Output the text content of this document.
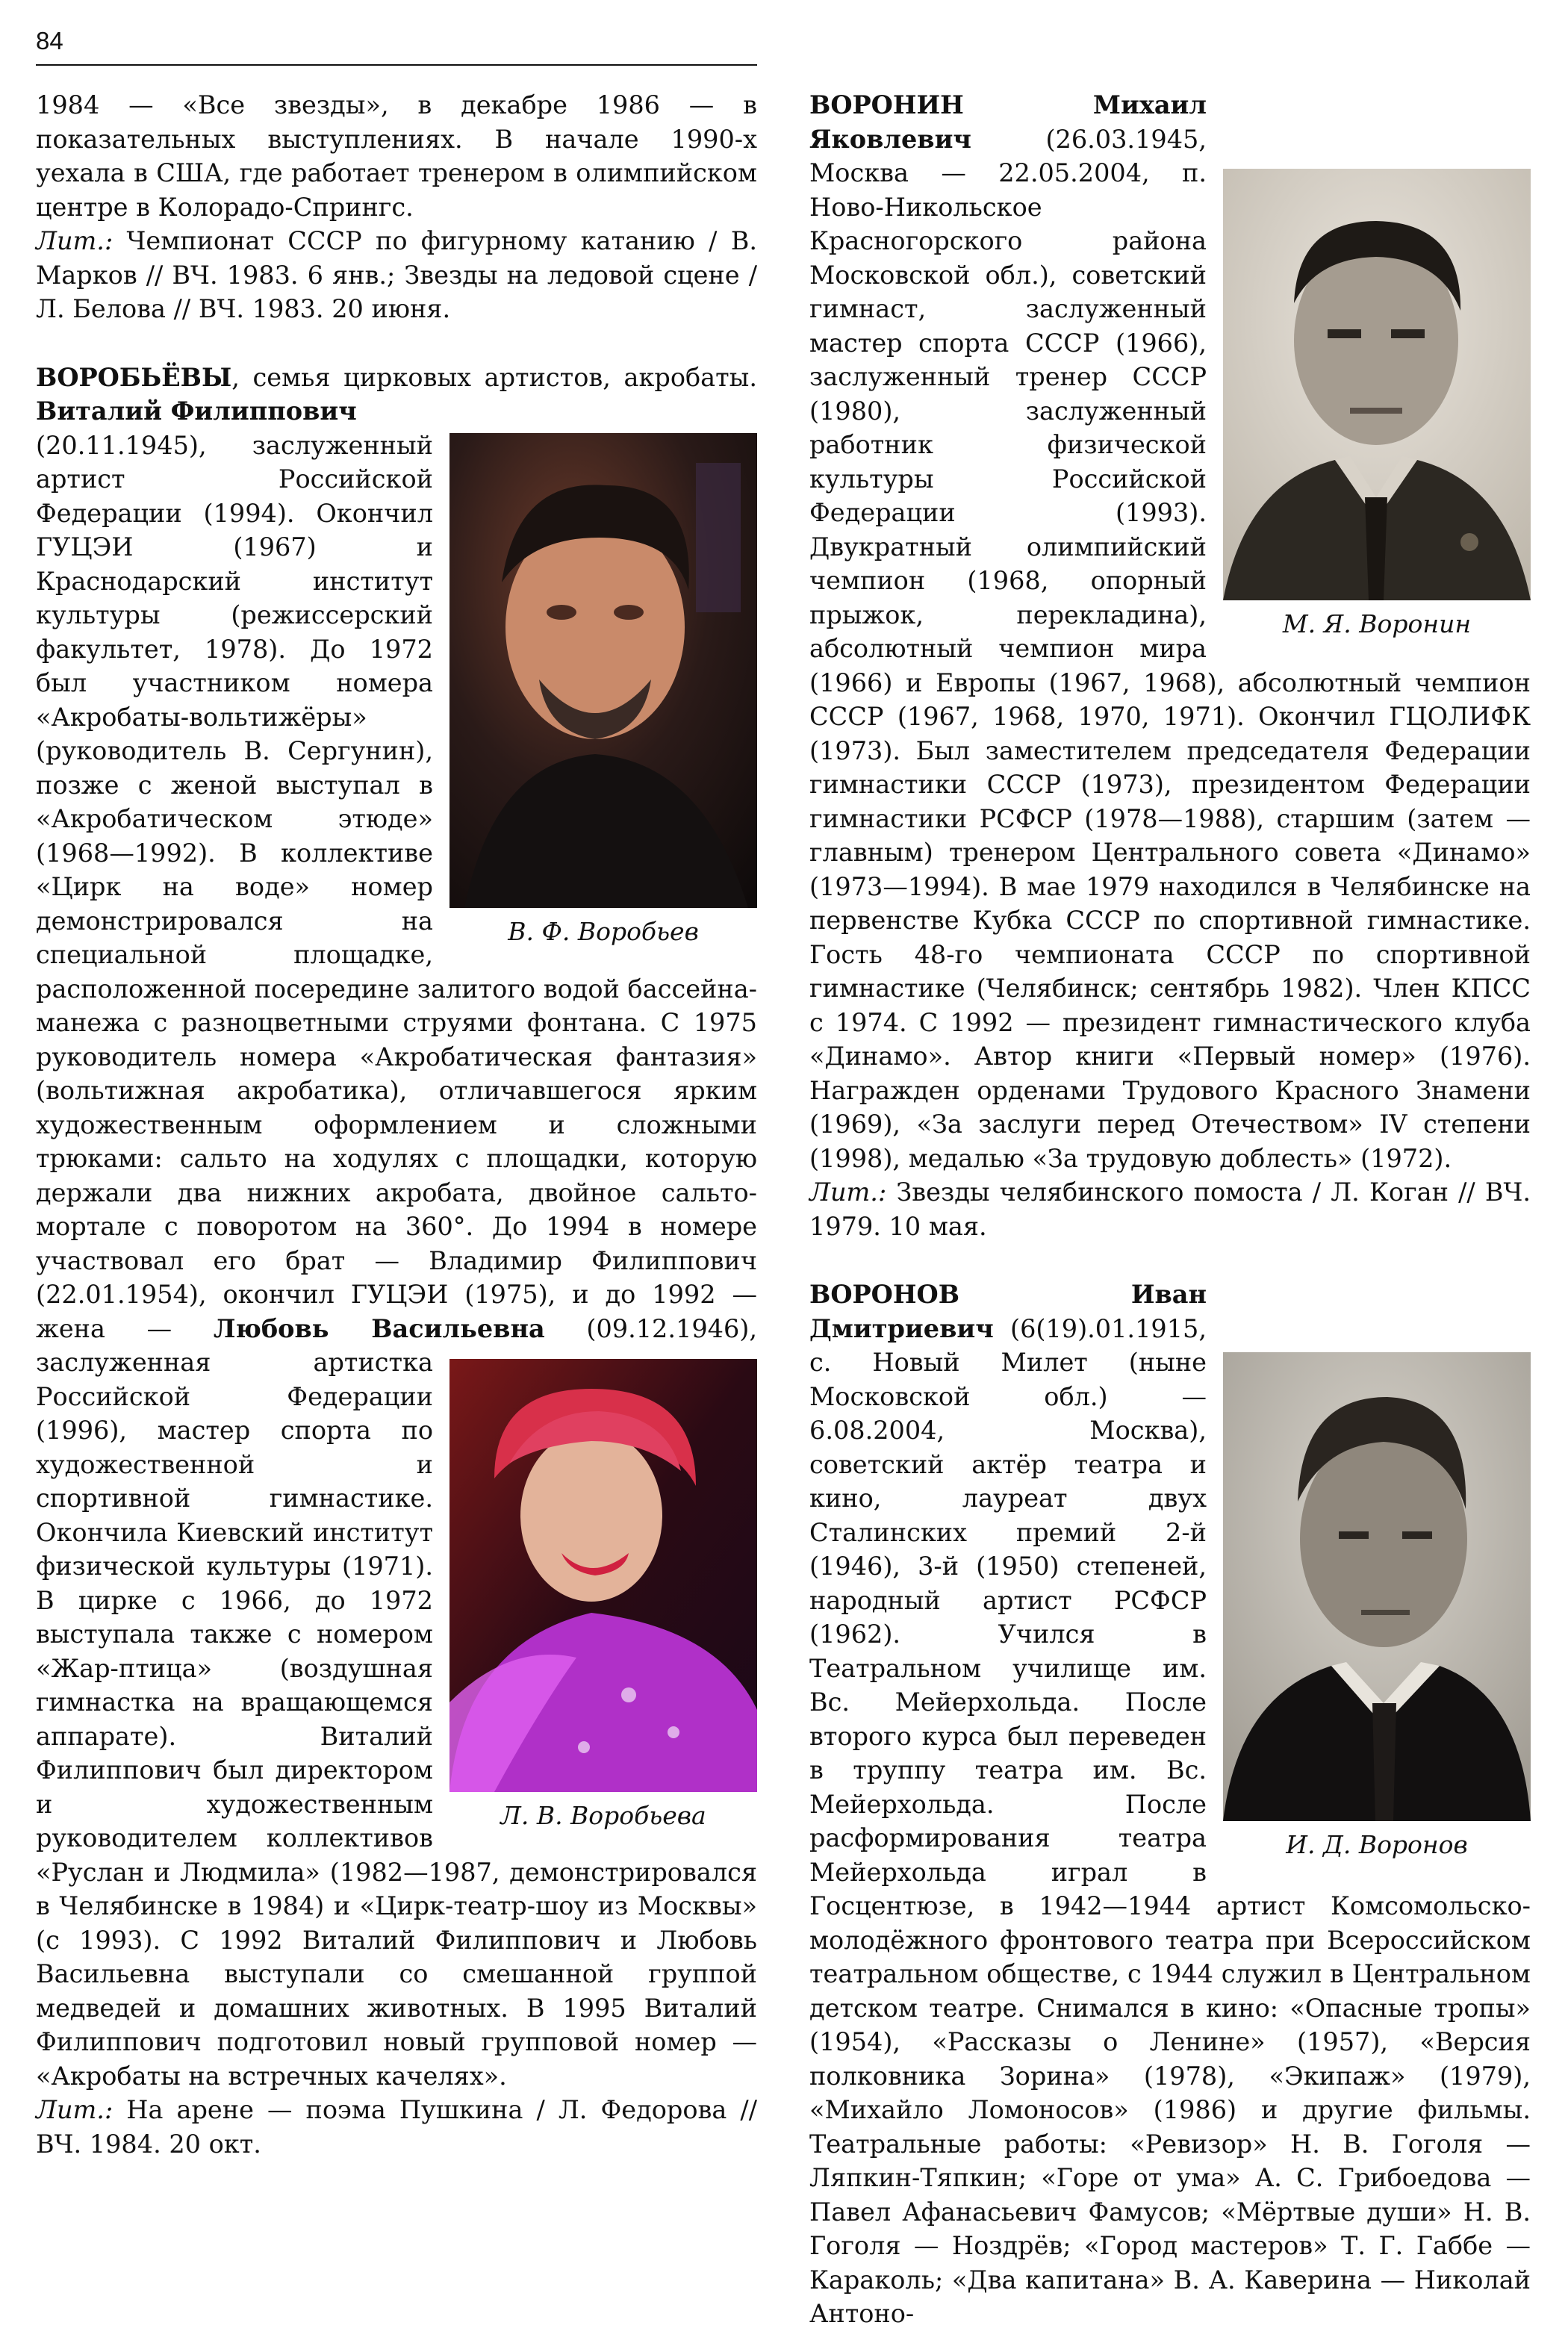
84

1984 — «Все звезды», в декабре 1986 — в показательных выступлениях. В начале 1990-х уехала в США, где работает тренером в олимпийском центре в Колорадо-Спрингс.

Лит.: Чемпионат СССР по фигурному катанию / В. Марков // ВЧ. 1983. 6 янв.; Звезды на ледовой сцене / Л. Белова // ВЧ. 1983. 20 июня.

ВОРОБЬЁВЫ, семья цирковых артистов, акробаты. Виталий Филиппович

В. Ф. Воробьев

(20.11.1945), заслуженный артист Российской Федерации (1994). Окончил ГУЦЭИ (1967) и Краснодарский институт культуры (режиссерский факультет, 1978). До 1972 был участником номера «Акробаты-вольтижёры» (руководитель В. Сергунин), позже с женой выступал в «Акробатическом этюде» (1968—1992). В коллективе «Цирк на воде» номер демонстрировался на специальной площадке, расположенной посередине залитого водой бассейна-манежа с разноцветными струями фонтана. С 1975 руководитель номера «Акробатическая фантазия» (вольтижная акробатика), отличавшегося ярким художественным оформлением и сложными трюками: сальто на ходулях с площадки, которую держали два нижних акробата, двойное сальто-мортале с поворотом на 360°. До 1994 в номере участвовал его брат — Владимир Филиппович (22.01.1954), окончил ГУЦЭИ (1975), и до 1992 — жена — Любовь Васильевна
Л. В. Воробьева
(09.12.1946), заслуженная артистка Российской Федерации (1996), мастер спорта по художественной и спортивной гимнастике. Окончила Киевский институт физической культуры (1971). В цирке с 1966, до 1972 выступала также с номером «Жар-птица» (воздушная гимнастка на вращающемся аппарате). Виталий Филиппович был директором и художественным руководителем коллективов «Руслан и Людмила» (1982—1987, демонстрировался в Челябинске в 1984) и «Цирк-театр-шоу из Москвы» (с 1993). С 1992 Виталий Филиппович и Любовь Васильевна выступали со смешанной группой медведей и домашних животных. В 1995 Виталий Филиппович подготовил новый групповой номер — «Акробаты на встречных качелях».

Лит.: На арене — поэма Пушкина / Л. Федорова // ВЧ. 1984. 20 окт.

М. Я. Воронин

ВОРОНИН Михаил Яковлевич (26.03.1945, Москва — 22.05.2004, п. Ново-Никольское Красногорского района Московской обл.), советский гимнаст, заслуженный мастер спорта СССР (1966), заслуженный тренер СССР (1980), заслуженный работник физической культуры Российской Федерации (1993). Двукратный олимпийский чемпион (1968, опорный прыжок, перекладина), абсолютный чемпион мира (1966) и Европы (1967, 1968), абсолютный чемпион СССР (1967, 1968, 1970, 1971). Окончил ГЦОЛИФК (1973). Был заместителем председателя Федерации гимнастики СССР (1973), президентом Федерации гимнастики РСФСР (1978—1988), старшим (затем — главным) тренером Центрального совета «Динамо» (1973—1994). В мае 1979 находился в Челябинске на первенстве Кубка СССР по спортивной гимнастике. Гость 48-го чемпионата СССР по спортивной гимнастике (Челябинск; сентябрь 1982). Член КПСС с 1974. С 1992 — президент гимнастического клуба «Динамо». Автор книги «Первый номер» (1976). Награжден орденами Трудового Красного Знамени (1969), «За заслуги перед Отечеством» IV степени (1998), медалью «За трудовую доблесть» (1972).

Лит.: Звезды челябинского помоста / Л. Коган // ВЧ. 1979. 10 мая.

И. Д. Воронов

ВОРОНОВ Иван Дмитриевич (6(19).01.1915, с. Новый Милет (ныне Московской обл.) — 6.08.2004, Москва), советский актёр театра и кино, лауреат двух Сталинских премий 2-й (1946), 3-й (1950) степеней, народный артист РСФСР (1962). Учился в Театральном училище им. Вс. Мейерхольда. После второго курса был переведен в труппу театра им. Вс. Мейерхольда. После расформирования театра Мейерхольда играл в Госцентюзе, в 1942—1944 артист Комсомольско-молодёжного фронтового театра при Всероссийском театральном обществе, с 1944 служил в Центральном детском театре. Снимался в кино: «Опасные тропы» (1954), «Рассказы о Ленине» (1957), «Версия полковника Зорина» (1978), «Экипаж» (1979), «Михайло Ломоносов» (1986) и другие фильмы. Театральные работы: «Ревизор» Н. В. Гоголя — Ляпкин-Тяпкин; «Горе от ума» А. С. Грибоедова — Павел Афанасьевич Фамусов; «Мёртвые души» Н. В. Гоголя — Ноздрёв; «Город мастеров» Т. Г. Габбе — Караколь; «Два капитана» В. А. Каверина — Николай Антоно-
